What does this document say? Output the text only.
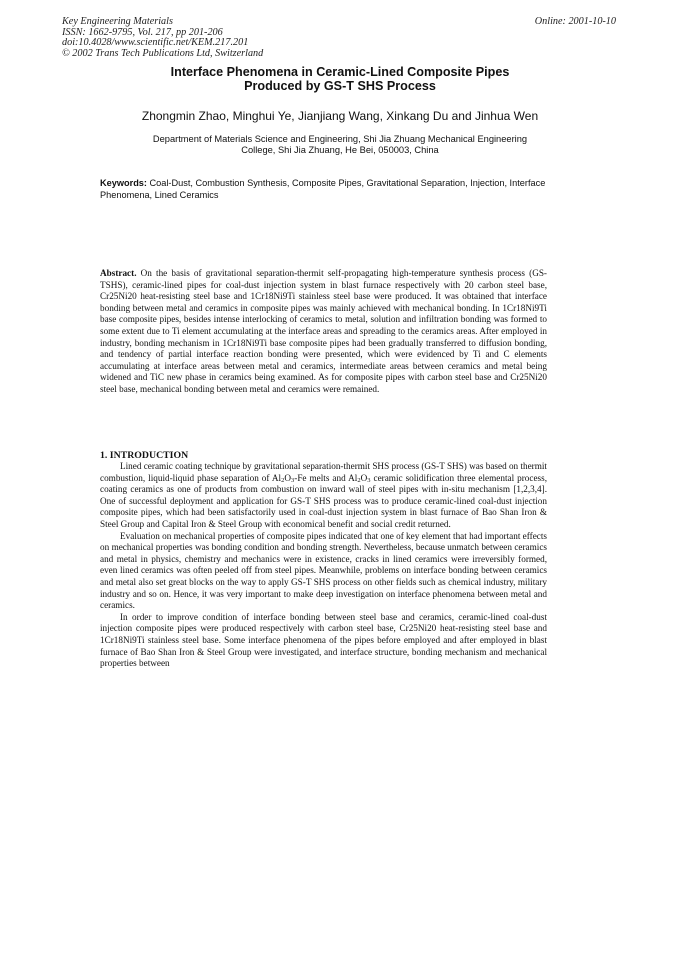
Key Engineering Materials
ISSN: 1662-9795, Vol. 217, pp 201-206
doi:10.4028/www.scientific.net/KEM.217.201
© 2002 Trans Tech Publications Ltd, Switzerland
Online: 2001-10-10
Interface Phenomena in Ceramic-Lined Composite Pipes
Produced by GS-T SHS Process
Zhongmin Zhao, Minghui Ye, Jianjiang Wang, Xinkang Du and Jinhua Wen
Department of Materials Science and Engineering, Shi Jia Zhuang Mechanical Engineering
College, Shi Jia Zhuang, He Bei, 050003, China
Keywords: Coal-Dust, Combustion Synthesis, Composite Pipes, Gravitational Separation, Injection, Interface Phenomena, Lined Ceramics
Abstract. On the basis of gravitational separation-thermit self-propagating high-temperature synthesis process (GS-TSHS), ceramic-lined pipes for coal-dust injection system in blast furnace respectively with 20 carbon steel base, Cr25Ni20 heat-resisting steel base and 1Cr18Ni9Ti stainless steel base were produced. It was obtained that interface bonding between metal and ceramics in composite pipes was mainly achieved with mechanical bonding. In 1Cr18Ni9Ti base composite pipes, besides intense interlocking of ceramics to metal, solution and infiltration bonding was formed to some extent due to Ti element accumulating at the interface areas and spreading to the ceramics areas. After employed in industry, bonding mechanism in 1Cr18Ni9Ti base composite pipes had been gradually transferred to diffusion bonding, and tendency of partial interface reaction bonding were presented, which were evidenced by Ti and C elements accumulating at interface areas between metal and ceramics, intermediate areas between ceramics and metal being widened and TiC new phase in ceramics being examined. As for composite pipes with carbon steel base and Cr25Ni20 steel base, mechanical bonding between metal and ceramics were remained.
1. INTRODUCTION

Lined ceramic coating technique by gravitational separation-thermit SHS process (GS-T SHS) was based on thermit combustion, liquid-liquid phase separation of $Al_2O_3-Fe$ melts and $Al_2O_3$ ceramic solidification three elemental process, coating ceramics as one of products from combustion on inward wall of steel pipes with in-situ mechanism [1,2,3,4]. One of successful deployment and application for GS-T SHS process was to produce ceramic-lined coal-dust injection composite pipes, which had been satisfactorily used in coal-dust injection system in blast furnace of Bao Shan Iron & Steel Group and Capital Iron & Steel Group with economical benefit and social credit returned.

Evaluation on mechanical properties of composite pipes indicated that one of key element that had important effects on mechanical properties was bonding condition and bonding strength. Nevertheless, because unmatch between ceramics and metal in physics, chemistry and mechanics were in existence, cracks in lined ceramics were irreversibly formed, even lined ceramics was often peeled off from steel pipes. Meanwhile, problems on interface bonding between ceramics and metal also set great blocks on the way to apply GS-T SHS process on other fields such as chemical industry, military industry and so on. Hence, it was very important to make deep investigation on interface phenomena between metal and ceramics.

In order to improve condition of interface bonding between steel base and ceramics, ceramic-lined coal-dust injection composite pipes were produced respectively with carbon steel base, Cr25Ni20 heat-resisting steel base and 1Cr18Ni9Ti stainless steel base. Some interface phenomena of the pipes before employed and after employed in blast furnace of Bao Shan Iron & Steel Group were investigated, and interface structure, bonding mechanism and mechanical properties between
